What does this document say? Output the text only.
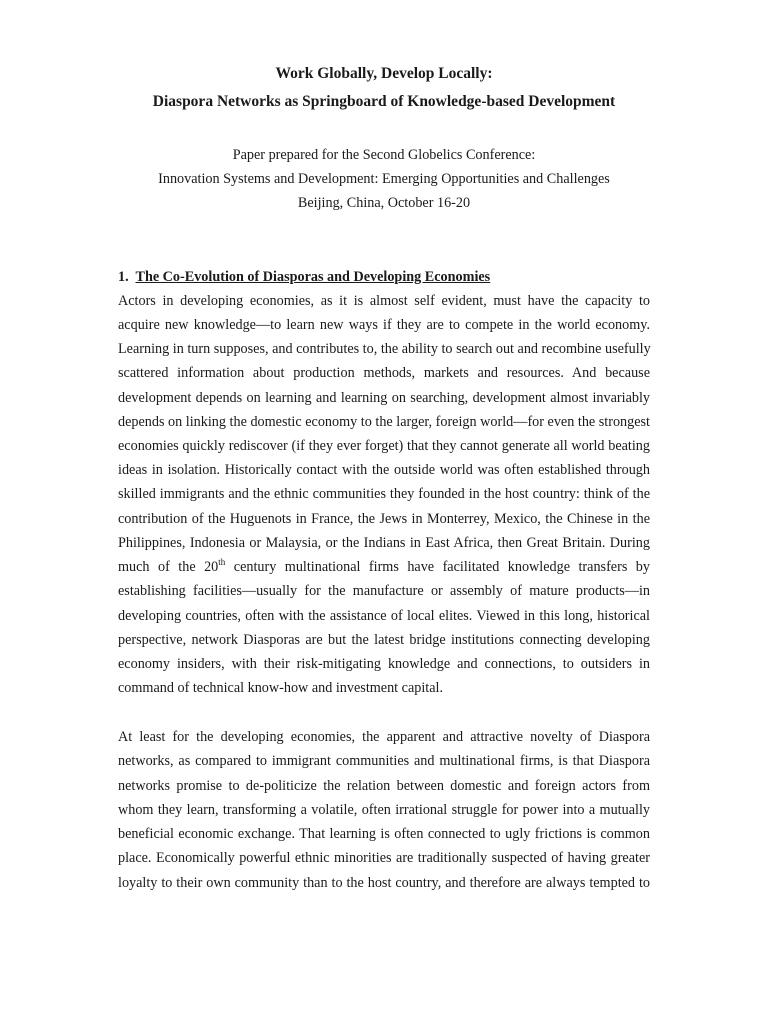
Work Globally, Develop Locally:
Diaspora Networks as Springboard of Knowledge-based Development
Paper prepared for the Second Globelics Conference:
Innovation Systems and Development: Emerging Opportunities and Challenges
Beijing, China, October 16-20
1. The Co-Evolution of Diasporas and Developing Economies
Actors in developing economies, as it is almost self evident, must have the capacity to
acquire new knowledge—to learn new ways if they are to compete in the world economy.
Learning in turn supposes, and contributes to, the ability to search out and recombine usefully
scattered information about production methods, markets and resources. And because
development depends on learning and learning on searching, development almost invariably
depends on linking the domestic economy to the larger, foreign world—for even the strongest
economies quickly rediscover (if they ever forget) that they cannot generate all world beating
ideas in isolation. Historically contact with the outside world was often established through
skilled immigrants and the ethnic communities they founded in the host country: think of the
contribution of the Huguenots in France, the Jews in Monterrey, Mexico, the Chinese in the
Philippines, Indonesia or Malaysia, or the Indians in East Africa, then Great Britain. During
much of the 20th century multinational firms have facilitated knowledge transfers by
establishing facilities—usually for the manufacture or assembly of mature products—in
developing countries, often with the assistance of local elites. Viewed in this long, historical
perspective, network Diasporas are but the latest bridge institutions connecting developing
economy insiders, with their risk-mitigating knowledge and connections, to outsiders in
command of technical know-how and investment capital.
At least for the developing economies, the apparent and attractive novelty of Diaspora
networks, as compared to immigrant communities and multinational firms, is that Diaspora
networks promise to de-politicize the relation between domestic and foreign actors from
whom they learn, transforming a volatile, often irrational struggle for power into a mutually
beneficial economic exchange. That learning is often connected to ugly frictions is common
place. Economically powerful ethnic minorities are traditionally suspected of having greater
loyalty to their own community than to the host country, and therefore are always tempted to
